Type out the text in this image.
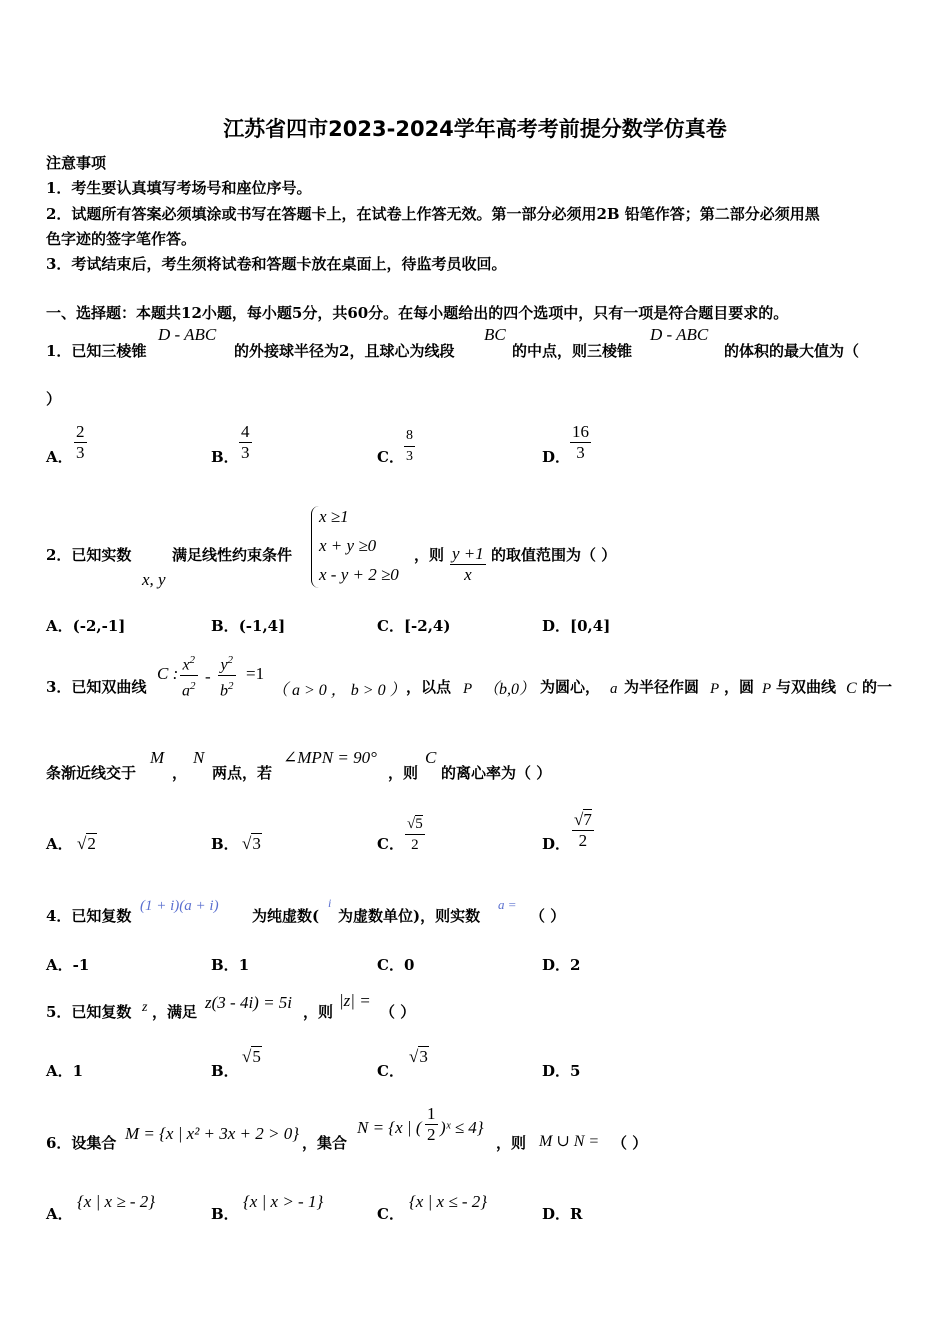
江苏省四市2023-2024学年高考考前提分数学仿真卷
注意事项
1．考生要认真填写考场号和座位序号。
2．试题所有答案必须填涂或书写在答题卡上，在试卷上作答无效。第一部分必须用2B 铅笔作答；第二部分必须用黑
色字迹的签字笔作答。
3．考试结束后，考生须将试卷和答题卡放在桌面上，待监考员收回。
一、选择题：本题共12小题，每小题5分，共60分。在每小题给出的四个选项中，只有一项是符合题目要求的。
1．已知三棱锥
D - ABC
的外接球半径为2，且球心为线段
BC
的中点，则三棱锥
D - ABC
的体积的最大值为（
）
A． $\frac{2}{3}$	B． $\frac{4}{3}$	C． $\frac{8}{3}$	D． $\frac{16}{3}$
2．已知实数
x, y
满足线性约束条件
x ≥1
x + y ≥0
x - y + 2 ≥0
，则 $\frac{y +1}{x}$ 的取值范围为（ ）
A．(-2,-1]	B．(-1,4]	C．[-2,4)	D．[0,4]
3．已知双曲线
C : $\frac{x^2}{a^2} - \frac{y^2}{b^2} =1$
（ a > 0 ， b > 0 ） ，以点 P （b,0） 为圆心， a 为半径作圆 P ，圆 P 与双曲线 C 的一
条渐近线交于
M
，
N
两点，若
∠MPN = 90°
，则
C
的离心率为（ ）
A． √2	B． √3	C． $\frac{√5}{2}$	D． $\frac{√7}{2}$
4．已知复数
(1 + i)(a + i)
为纯虚数(
i
为虚数单位)，则实数
a =
（ ）
A．-1	B．1	C．0	D．2
5．已知复数 z ，满足 z(3 - 4i) = 5i ，则
|z| =
（ ）
A．1	B．
√5
C．
√3
D．5
6．设集合 M = {x | x² + 3x + 2 > 0} ，集合
N = {x | ( $\frac{1}{2}$ )ˣ ≤ 4}
，则 M ∪ N = （ ）
A．
{x | x ≥ - 2}
B．
{x | x > - 1}
C．
{x | x ≤ - 2}
D．R
